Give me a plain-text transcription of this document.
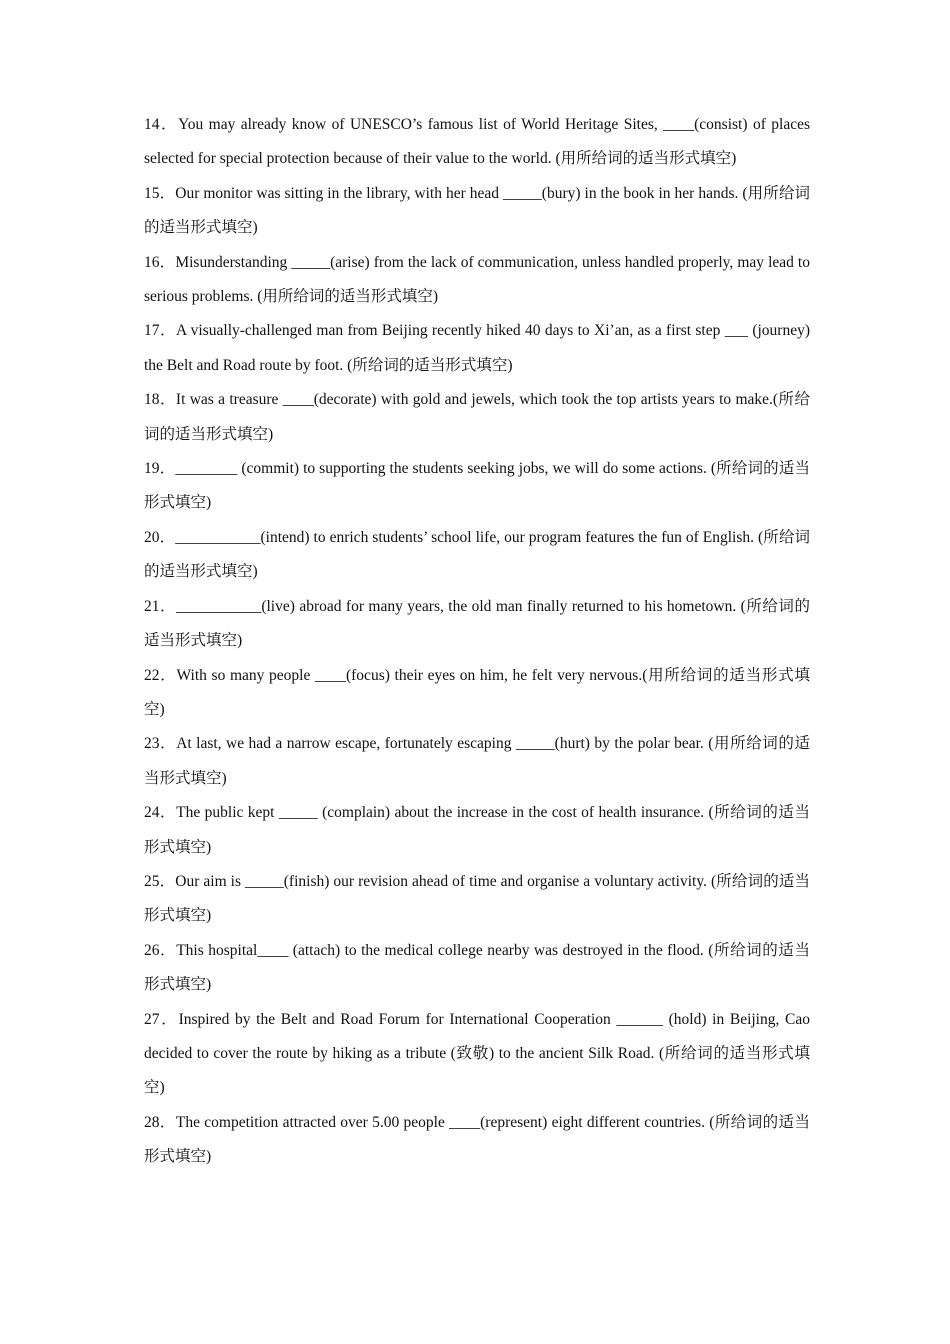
14．You may already know of UNESCO’s famous list of World Heritage Sites, ____(consist) of places selected for special protection because of their value to the world. (用所给词的适当形式填空)

15．Our monitor was sitting in the library, with her head _____(bury) in the book in her hands. (用所给词的适当形式填空)

16．Misunderstanding _____(arise) from the lack of communication, unless handled properly, may lead to serious problems. (用所给词的适当形式填空)

17．A visually-challenged man from Beijing recently hiked 40 days to Xi’an, as a first step ___ (journey) the Belt and Road route by foot. (所给词的适当形式填空)

18．It was a treasure ____(decorate) with gold and jewels, which took the top artists years to make.(所给词的适当形式填空)

19．________ (commit) to supporting the students seeking jobs, we will do some actions. (所给词的适当形式填空)

20．___________(intend) to enrich students’ school life, our program features the fun of English. (所给词的适当形式填空)

21．___________(live) abroad for many years, the old man finally returned to his hometown. (所给词的适当形式填空)

22．With so many people ____(focus) their eyes on him, he felt very nervous.(用所给词的适当形式填空)

23．At last, we had a narrow escape, fortunately escaping _____(hurt) by the polar bear. (用所给词的适当形式填空)

24．The public kept _____ (complain) about the increase in the cost of health insurance. (所给词的适当形式填空)

25．Our aim is _____(finish) our revision ahead of time and organise a voluntary activity. (所给词的适当形式填空)

26．This hospital____ (attach) to the medical college nearby was destroyed in the flood. (所给词的适当形式填空)

27．Inspired by the Belt and Road Forum for International Cooperation ______ (hold) in Beijing, Cao decided to cover the route by hiking as a tribute (致敬) to the ancient Silk Road. (所给词的适当形式填空)

28．The competition attracted over 5.00 people ____(represent) eight different countries. (所给词的适当形式填空)
